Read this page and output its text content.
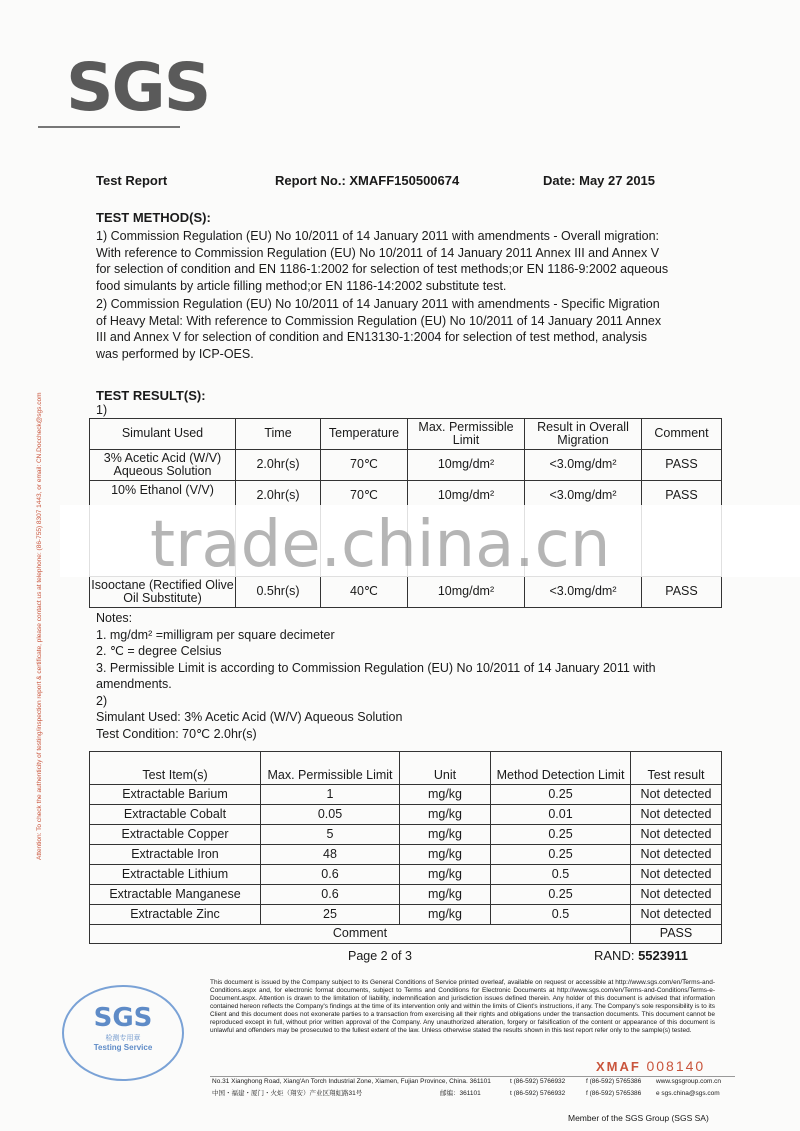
SGS
Attention: To check the authenticity of testing/inspection report & certificate, please contact us at telephone: (86-755) 8307 1443, or email: CN.Doccheck@sgs.com
Test Report	Report No.: XMAFF150500674	Date: May 27 2015
TEST METHOD(S):
1) Commission Regulation (EU) No 10/2011 of 14 January 2011 with amendments - Overall migration:
With reference to Commission Regulation (EU) No 10/2011 of 14 January 2011 Annex III and Annex V
for selection of condition and EN 1186-1:2002 for selection of test methods;or EN 1186-9:2002 aqueous
food simulants by article filling method;or EN 1186-14:2002 substitute test.
2) Commission Regulation (EU) No 10/2011 of 14 January 2011 with amendments - Specific Migration
of Heavy Metal: With reference to Commission Regulation (EU) No 10/2011 of 14 January 2011 Annex
III and Annex V for selection of condition and EN13130-1:2004 for selection of test method, analysis
was performed by ICP-OES.
TEST RESULT(S):
1)
Simulant Used	Time	Temperature	Max. Permissible Limit	Result in Overall Migration	Comment
3% Acetic Acid (W/V) Aqueous Solution	2.0hr(s)	70℃	10mg/dm²	<3.0mg/dm²	PASS
10% Ethanol (V/V)	2.0hr(s)	70℃	10mg/dm²	<3.0mg/dm²	PASS
Isooctane (Rectified Olive Oil Substitute)	0.5hr(s)	40℃	10mg/dm²	<3.0mg/dm²	PASS
trade.china.cn
Notes:
1. mg/dm² =milligram per square decimeter
2. ℃ = degree Celsius
3. Permissible Limit is according to Commission Regulation (EU) No 10/2011 of 14 January 2011 with
amendments.
2)
Simulant Used: 3% Acetic Acid (W/V) Aqueous Solution
Test Condition: 70℃ 2.0hr(s)
Test Item(s)	Max. Permissible Limit	Unit	Method Detection Limit	Test result
Extractable Barium	1	mg/kg	0.25	Not detected
Extractable Cobalt	0.05	mg/kg	0.01	Not detected
Extractable Copper	5	mg/kg	0.25	Not detected
Extractable Iron	48	mg/kg	0.25	Not detected
Extractable Lithium	0.6	mg/kg	0.5	Not detected
Extractable Manganese	0.6	mg/kg	0.25	Not detected
Extractable Zinc	25	mg/kg	0.5	Not detected
Comment				PASS
Page 2 of 3	RAND: 5523911
This document is issued by the Company subject to its General Conditions of Service printed overleaf, available on request or accessible at http://www.sgs.com/en/Terms-and-Conditions.aspx and, for electronic format documents, subject to Terms and Conditions for Electronic Documents at http://www.sgs.com/en/Terms-and-Conditions/Terms-e-Document.aspx. Attention is drawn to the limitation of liability, indemnification and jurisdiction issues defined therein. Any holder of this document is advised that information contained hereon reflects the Company's findings at the time of its intervention only and within the limits of Client's instructions, if any. The Company's sole responsibility is to its Client and this document does not exonerate parties to a transaction from exercising all their rights and obligations under the transaction documents. This document cannot be reproduced except in full, without prior written approval of the Company. Any unauthorized alteration, forgery or falsification of the content or appearance of this document is unlawful and offenders may be prosecuted to the fullest extent of the law. Unless otherwise stated the results shown in this test report refer only to the sample(s) tested.
SGS
检测专用章
Testing Service
XMAF 008140
No.31 Xianghong Road, Xiang'An Torch Industrial Zone, Xiamen, Fujian Province, China. 361101
中国・福建・厦门・火炬（翔安）产业区翔虹路31号	邮编：361101
t (86-592) 5766932
t (86-592) 5766932
f (86-592) 5765386
f (86-592) 5765386
www.sgsgroup.com.cn
e sgs.china@sgs.com
Member of the SGS Group (SGS SA)
